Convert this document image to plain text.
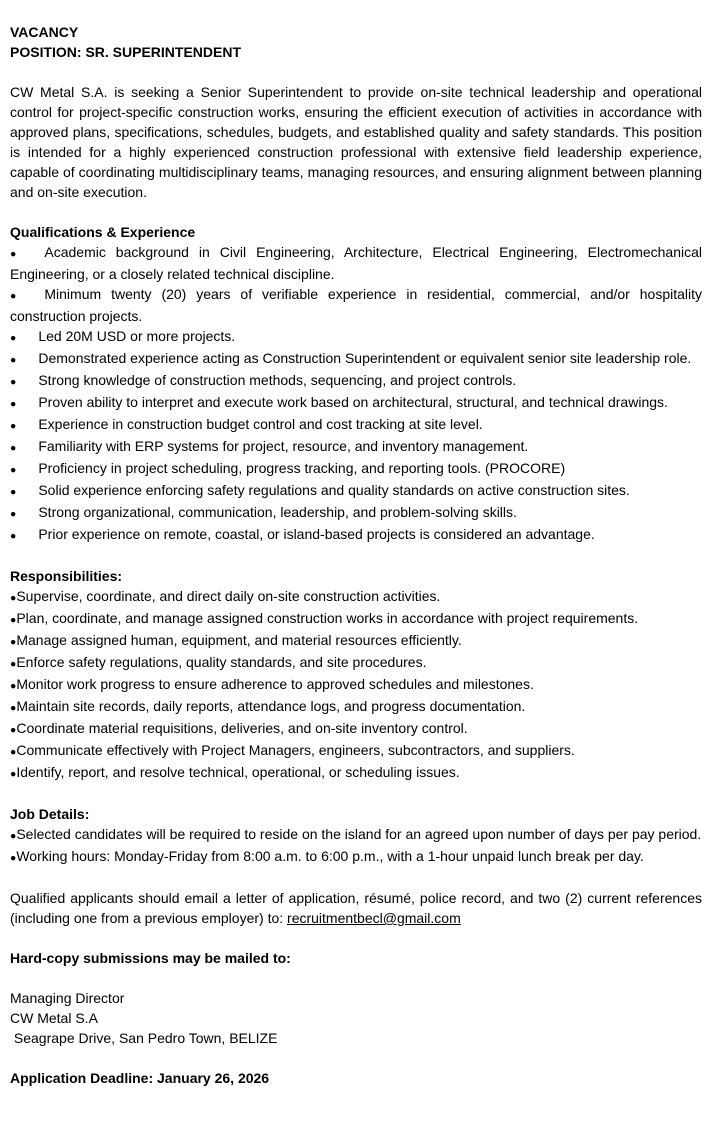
VACANCY
POSITION: SR. SUPERINTENDENT

CW Metal S.A. is seeking a Senior Superintendent to provide on-site technical leadership and operational control for project-specific construction works, ensuring the efficient execution of activities in accordance with approved plans, specifications, schedules, budgets, and established quality and safety standards. This position is intended for a highly experienced construction professional with extensive field leadership experience, capable of coordinating multidisciplinary teams, managing resources, and ensuring alignment between planning and on-site execution.

Qualifications & Experience
● Academic background in Civil Engineering, Architecture, Electrical Engineering, Electromechanical Engineering, or a closely related technical discipline.
● Minimum twenty (20) years of verifiable experience in residential, commercial, and/or hospitality construction projects.
● Led 20M USD or more projects.
● Demonstrated experience acting as Construction Superintendent or equivalent senior site leadership role.
● Strong knowledge of construction methods, sequencing, and project controls.
● Proven ability to interpret and execute work based on architectural, structural, and technical drawings.
● Experience in construction budget control and cost tracking at site level.
● Familiarity with ERP systems for project, resource, and inventory management.
● Proficiency in project scheduling, progress tracking, and reporting tools. (PROCORE)
● Solid experience enforcing safety regulations and quality standards on active construction sites.
● Strong organizational, communication, leadership, and problem-solving skills.
● Prior experience on remote, coastal, or island-based projects is considered an advantage.
Responsibilities:
●Supervise, coordinate, and direct daily on-site construction activities.
●Plan, coordinate, and manage assigned construction works in accordance with project requirements.
●Manage assigned human, equipment, and material resources efficiently.
●Enforce safety regulations, quality standards, and site procedures.
●Monitor work progress to ensure adherence to approved schedules and milestones.
●Maintain site records, daily reports, attendance logs, and progress documentation.
●Coordinate material requisitions, deliveries, and on-site inventory control.
●Communicate effectively with Project Managers, engineers, subcontractors, and suppliers.
●Identify, report, and resolve technical, operational, or scheduling issues.
Job Details:
●Selected candidates will be required to reside on the island for an agreed upon number of days per pay period.
●Working hours: Monday-Friday from 8:00 a.m. to 6:00 p.m., with a 1-hour unpaid lunch break per day.

Qualified applicants should email a letter of application, résumé, police record, and two (2) current references (including one from a previous employer) to: recruitmentbecl@gmail.com

Hard-copy submissions may be mailed to:
Managing Director
CW Metal S.A
Seagrape Drive, San Pedro Town, BELIZE
Application Deadline: January 26, 2026
